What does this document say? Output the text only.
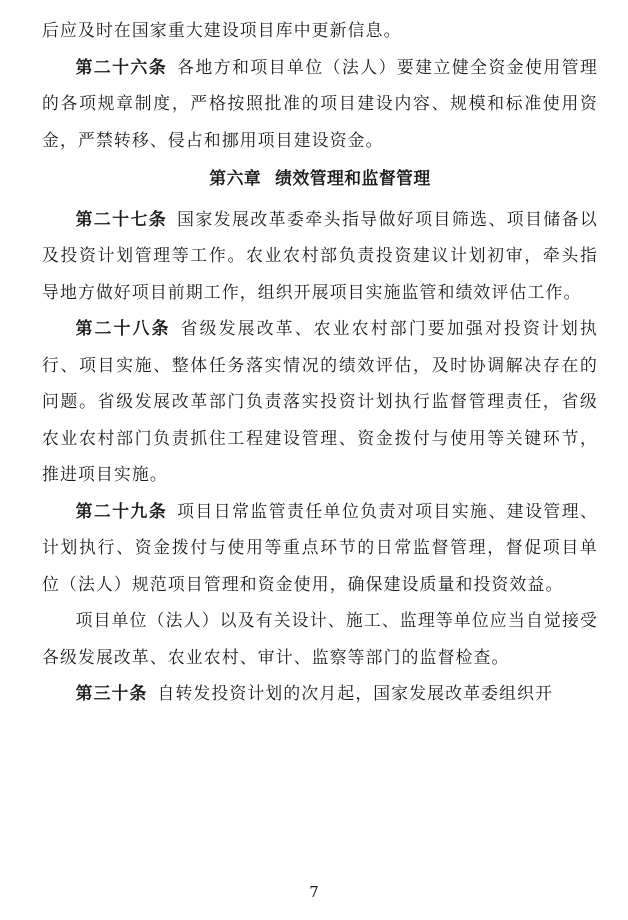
后应及时在国家重大建设项目库中更新信息。

第二十六条 各地方和项目单位（法人）要建立健全资金使用管理的各项规章制度，严格按照批准的项目建设内容、规模和标准使用资金，严禁转移、侵占和挪用项目建设资金。

第六章 绩效管理和监督管理

第二十七条 国家发展改革委牵头指导做好项目筛选、项目储备以及投资计划管理等工作。农业农村部负责投资建议计划初审，牵头指导地方做好项目前期工作，组织开展项目实施监管和绩效评估工作。

第二十八条 省级发展改革、农业农村部门要加强对投资计划执行、项目实施、整体任务落实情况的绩效评估，及时协调解决存在的问题。省级发展改革部门负责落实投资计划执行监督管理责任，省级农业农村部门负责抓住工程建设管理、资金拨付与使用等关键环节，推进项目实施。

第二十九条 项目日常监管责任单位负责对项目实施、建设管理、计划执行、资金拨付与使用等重点环节的日常监督管理，督促项目单位（法人）规范项目管理和资金使用，确保建设质量和投资效益。

项目单位（法人）以及有关设计、施工、监理等单位应当自觉接受各级发展改革、农业农村、审计、监察等部门的监督检查。

第三十条 自转发投资计划的次月起，国家发展改革委组织开

7
